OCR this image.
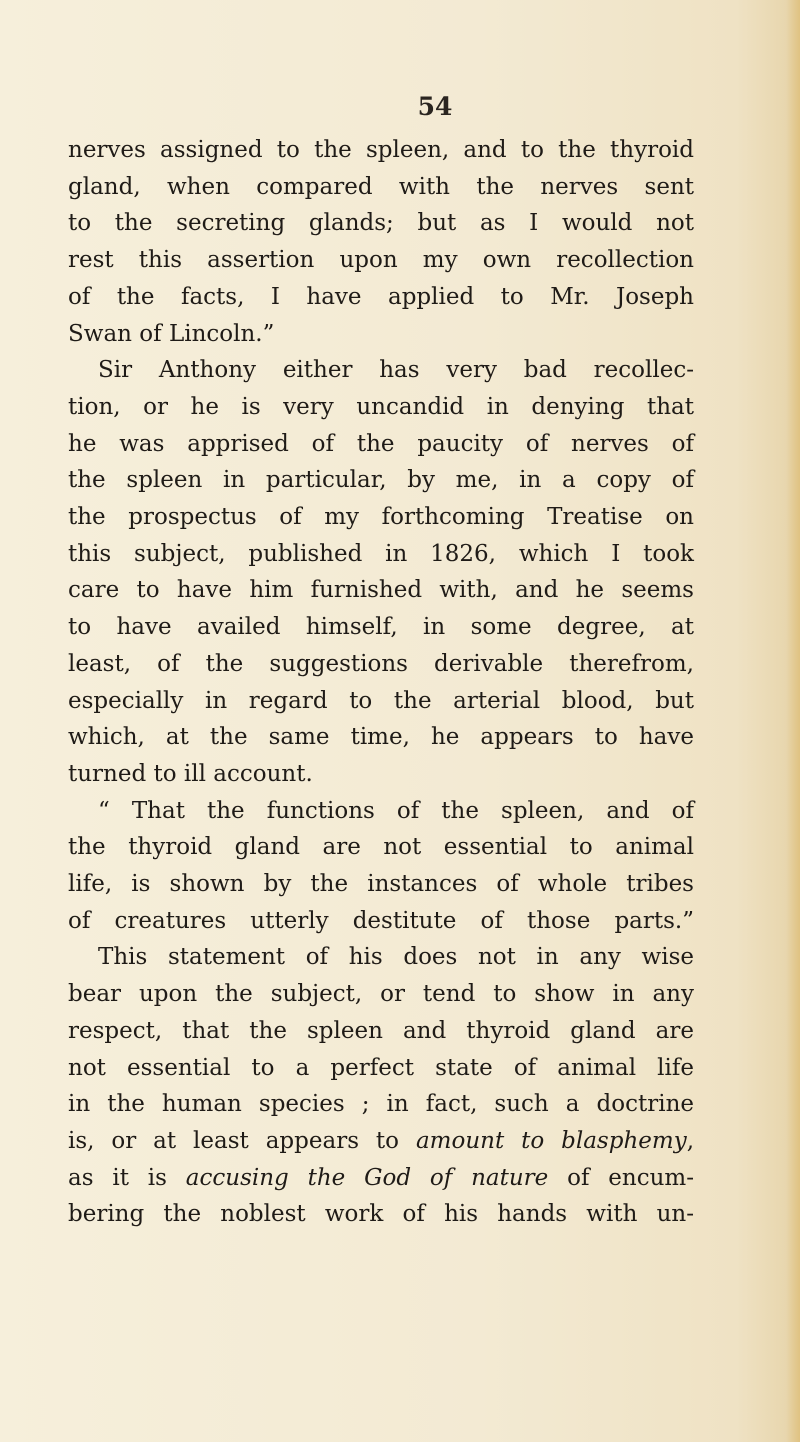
54
nerves assigned to the spleen, and to the thyroid
gland, when compared with the nerves sent
to the secreting glands; but as I would not
rest this assertion upon my own recollection
of the facts, I have applied to Mr. Joseph
Swan of Lincoln.”
Sir Anthony either has very bad recollec-
tion, or he is very uncandid in denying that
he was apprised of the paucity of nerves of
the spleen in particular, by me, in a copy of
the prospectus of my forthcoming Treatise on
this subject, published in 1826, which I took
care to have him furnished with, and he seems
to have availed himself, in some degree, at
least, of the suggestions derivable therefrom,
especially in regard to the arterial blood, but
which, at the same time, he appears to have
turned to ill account.
“ That the functions of the spleen, and of
the thyroid gland are not essential to animal
life, is shown by the instances of whole tribes
of creatures utterly destitute of those parts.”
This statement of his does not in any wise
bear upon the subject, or tend to show in any
respect, that the spleen and thyroid gland are
not essential to a perfect state of animal life
in the human species ; in fact, such a doctrine
is, or at least appears to amount to blasphemy,
as it is accusing the God of nature of encum-
bering the noblest work of his hands with un-
